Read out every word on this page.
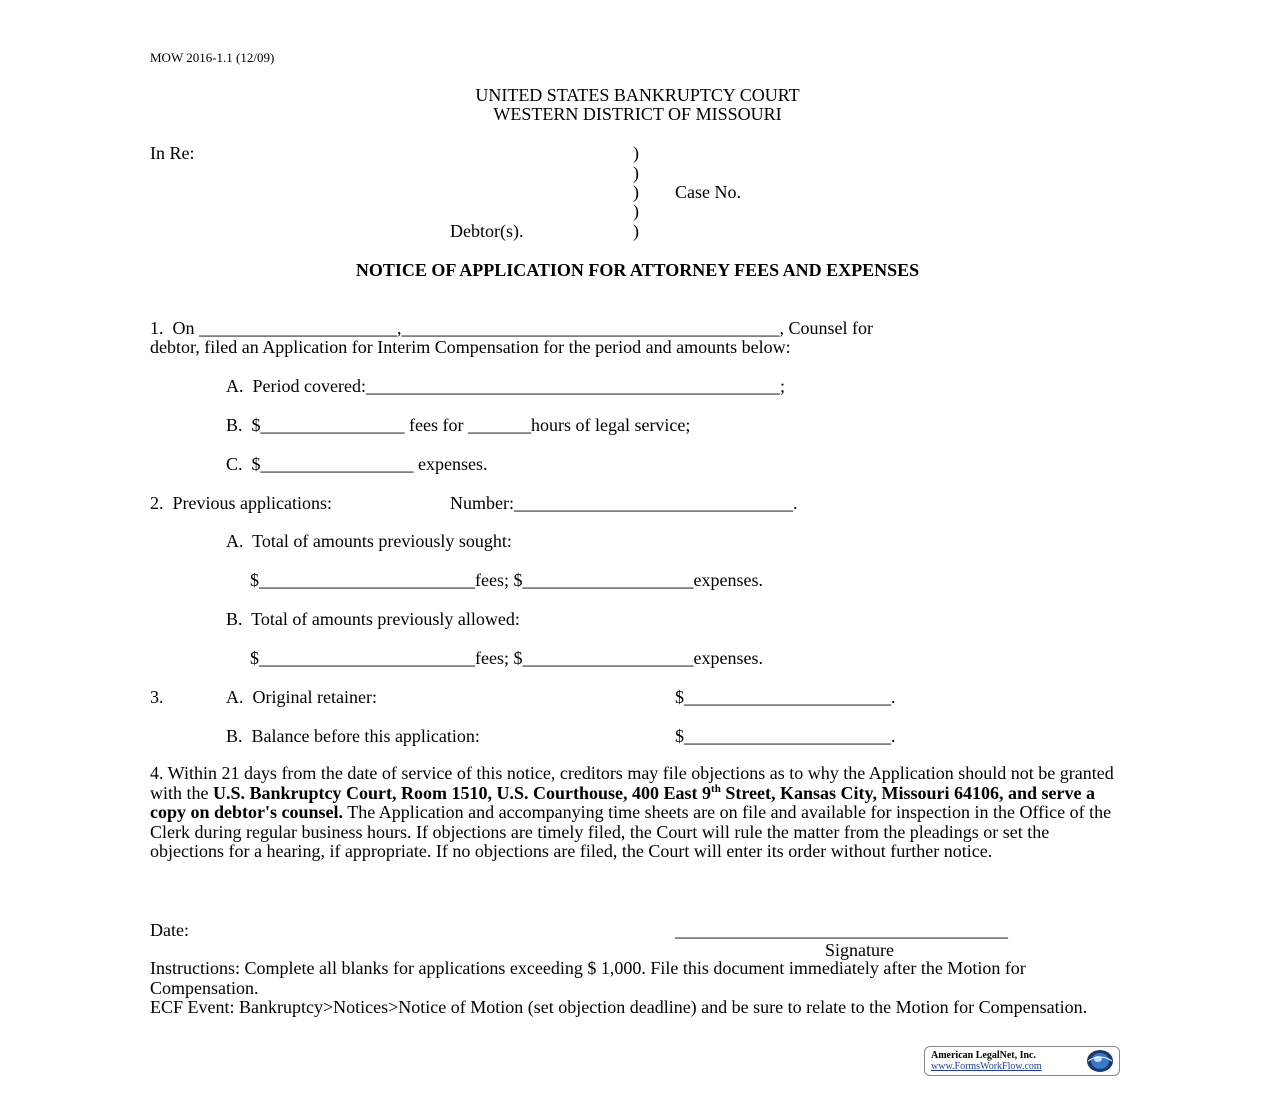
MOW 2016-1.1 (12/09)
UNITED STATES BANKRUPTCY COURT
WESTERN DISTRICT OF MISSOURI
In Re:	)
)
)
)
)
Case No.
Debtor(s).
NOTICE OF APPLICATION FOR ATTORNEY FEES AND EXPENSES
1.  On ______________________,__________________________________________, Counsel for
debtor, filed an Application for Interim Compensation for the period and amounts below:
A.  Period covered:______________________________________________;
B.  $________________ fees for _______hours of legal service;
C.  $_________________ expenses.
2.  Previous applications:	Number:_______________________________.
A.  Total of amounts previously sought:
$________________________fees; $___________________expenses.
B.  Total of amounts previously allowed:
$________________________fees; $___________________expenses.
3.	A.  Original retainer:	$_______________________.
B.  Balance before this application:	$_______________________.
4. Within 21 days from the date of service of this notice, creditors may file objections as to why the Application should not be granted with the U.S. Bankruptcy Court, Room 1510, U.S. Courthouse, 400 East 9th Street, Kansas City, Missouri 64106, and serve a copy on debtor's counsel. The Application and accompanying time sheets are on file and available for inspection in the Office of the Clerk during regular business hours. If objections are timely filed, the Court will rule the matter from the pleadings or set the objections for a hearing, if appropriate. If no objections are filed, the Court will enter its order without further notice.
Date:	_____________________________________
Signature
Instructions: Complete all blanks for applications exceeding $ 1,000. File this document immediately after the Motion for Compensation.
ECF Event: Bankruptcy>Notices>Notice of Motion (set objection deadline) and be sure to relate to the Motion for Compensation.
American LegalNet, Inc.
www.FormsWorkFlow.com
